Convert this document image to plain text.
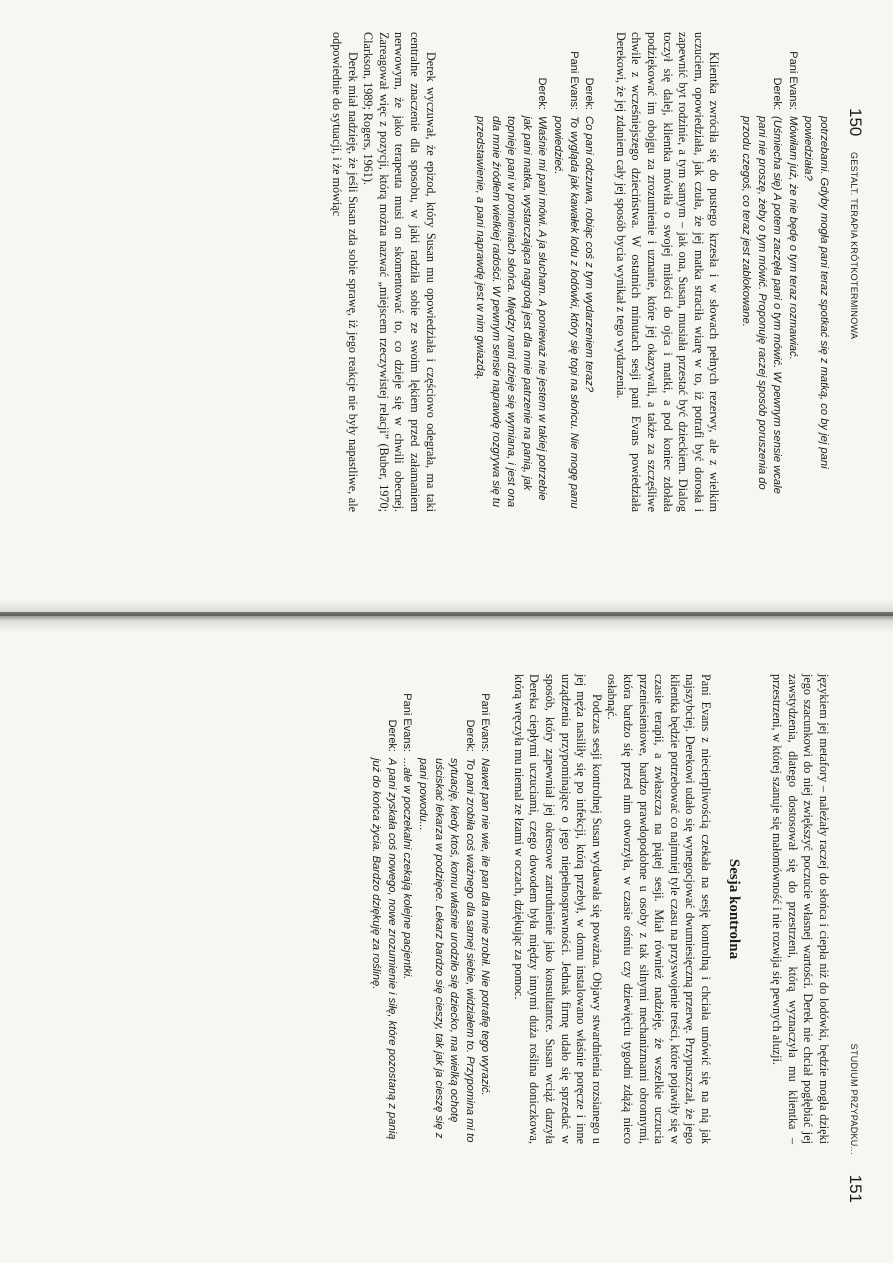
150
GESTALT. TERAPIA KRÓTKOTERMINOWA
potrzebami. Gdyby mogła pani teraz spotkać się z matką, co by jej pani powiedziała?
Pani Evans:
Mówiłam już, że nie będę o tym teraz rozmawiać.
Derek:
(Uśmiecha się) A potem zaczęła pani o tym mówić. W pewnym sensie wcale pani nie proszę, żeby o tym mówić. Proponuję raczej sposób poruszenia do przodu czegoś, co teraz jest zablokowane.

Klientka zwróciła się do pustego krzesła i w słowach pełnych rezerwy, ale z wielkim uczuciem, opowiedziała, jak czuła, że jej matka straciła wiarę w to, iż potrafi być dorosła i zapewnić byt rodzinie, a tym samym – jak ona, Susan, musiała przestać być dzieckiem. Dialog toczył się dalej, klientka mówiła o swojej miłości do ojca i matki, a pod koniec zdołała podziękować im obojgu za zrozumienie i uznanie, które jej okazywali, a także za szczęśliwe chwile z wcześniejszego dzieciństwa. W ostatnich minutach sesji pani Evans powiedziała Derekowi, że jej zdaniem cały jej sposób bycia wynikał z tego wydarzenia.

Derek:
Co pani odczuwa, robiąc coś z tym wydarzeniem teraz?
Pani Evans:
To wygląda jak kawałek lodu z lodówki, który się topi na słońcu. Nie mogę panu powiedzieć.
Derek:
Właśnie mi pani mówi. A ja słucham. A ponieważ nie jestem w takiej potrzebie jak pani matka, wystarczająca nagrodą jest dla mnie patrzenie na panią, jak topnieje pani w promieniach słońca. Między nami dzieje się wymiana, i jest ona dla mnie źródłem wielkiej radości. W pewnym sensie naprawdę rozgrywa się tu przedstawienie, a pani naprawdę jest w nim gwiazdą.

Derek wyczuwał, że epizod, który Susan mu opowiedziała i częściowo odegrała, ma taki centralne znaczenie dla sposobu, w jaki radziła sobie ze swoim lękiem przed załamaniem nerwowym, że jako terapeuta musi on skomentować to, co dzieje się w chwili obecnej. Zareagował więc z pozycji, którą można nazwać „miejscem rzeczywistej relacji” (Buber, 1970; Clarkson, 1989; Rogers, 1961).

Derek miał nadzieję, że jeśli Susan zda sobie sprawę, iż jego reakcje nie były napastliwe, ale odpowiednie do sytuacji, i że mówiąc

STUDIUM PRZYPADKU...
151

językiem jej metafory – należały raczej do słońca i ciepła niż do lodówki, będzie mogła dzięki jego szacunkowi do niej zwiększyć poczucie własnej wartości. Derek nie chciał pogłębiać jej zawstydzenia, dlatego dostosował się do przestrzeni, którą wyznaczyła mu klientka – przestrzeni, w której szanuje się małomówność i nie rozwija się pewnych aluzji.

Sesja kontrolna

Pani Evans z niecierpliwością czekała na sesję kontrolną i chciała umówić się na nią jak najszybciej. Derekowi udało się wynegocjować dwumiesięczną przerwę. Przypuszczał, że jego klientka będzie potrzebować co najmniej tyle czasu na przyswojenie treści, które pojawiły się w czasie terapii, a zwłaszcza na piątej sesji. Miał również nadzieję, że wszelkie uczucia przeniesieniowe, bardzo prawdopodobne u osoby z tak silnymi mechanizmami obronnymi, która bardzo się przed nim otworzyła, w czasie ośmiu czy dziewięciu tygodni zdążą nieco osłabnąć.

Podczas sesji kontrolnej Susan wydawała się poważna. Objawy stwardnienia rozsianego u jej męża nasiliły się po infekcji, którą przebył, w domu instalowano właśnie poręcze i inne urządzenia przypominające o jego niepełnosprawności. Jednak firmę udało się sprzedać w sposób, który zapewniał jej okresowe zatrudnienie jako konsultantce. Susan wciąż darzyła Dereka ciepłymi uczuciami, czego dowodem była między innymi duża roślina doniczkowa, którą wręczyła mu niemal ze łzami w oczach, dziękując za pomoc.

Pani Evans:
Nawet pan nie wie, ile pan dla mnie zrobił. Nie potrafię tego wyrazić.
Derek:
To pani zrobiła coś ważnego dla samej siebie, widziałem to. Przypomina mi to sytuację, kiedy ktoś, komu właśnie urodziło się dziecko, ma wielką ochotę uściskać lekarza w podzięce. Lekarz bardzo się cieszy, tak jak ja cieszę się z pani powodu...
Pani Evans:
...ale w poczekalni czekają kolejne pacjentki.
Derek:
A pani zyskała coś nowego, nowe zrozumienie i siłę, które pozostaną z panią już do końca życia. Bardzo dziękuję za roślinę.
